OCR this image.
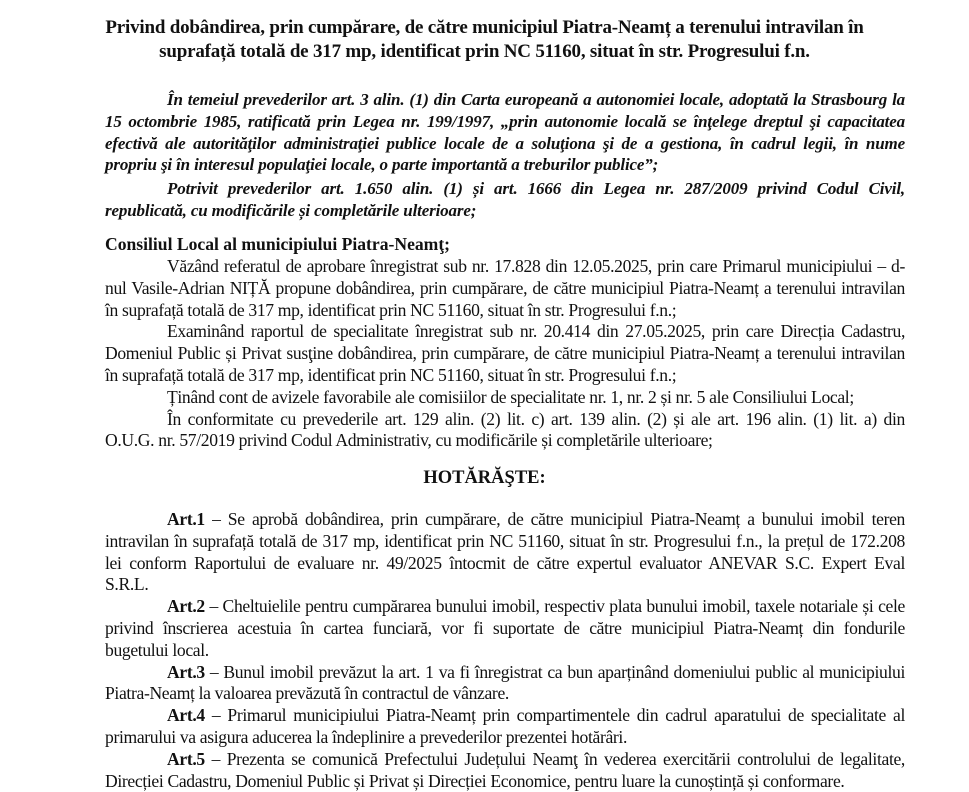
Privind dobândirea, prin cumpărare, de către municipiul Piatra-Neamț a terenului intravilan în
suprafață totală de 317 mp, identificat prin NC 51160, situat în str. Progresului f.n.
În temeiul prevederilor art. 3 alin. (1) din Carta europeană a autonomiei locale, adoptată la Strasbourg la
15 octombrie 1985, ratificată prin Legea nr. 199/1997, „prin autonomie locală se înţelege dreptul şi capacitatea
efectivă ale autorităţilor administraţiei publice locale de a soluţiona şi de a gestiona, în cadrul legii, în nume
propriu şi în interesul populaţiei locale, o parte importantă a treburilor publice”;
Potrivit prevederilor art. 1.650 alin. (1) și art. 1666 din Legea nr. 287/2009 privind Codul Civil,
republicată, cu modificările și completările ulterioare;
Consiliul Local al municipiului Piatra-Neamţ;
Văzând referatul de aprobare înregistrat sub nr. 17.828 din 12.05.2025, prin care Primarul municipiului – d-
nul Vasile-Adrian NIȚĂ propune dobândirea, prin cumpărare, de către municipiul Piatra-Neamț a terenului intravilan
în suprafață totală de 317 mp, identificat prin NC 51160, situat în str. Progresului f.n.;
Examinând raportul de specialitate înregistrat sub nr. 20.414 din 27.05.2025, prin care Direcția Cadastru,
Domeniul Public și Privat susţine dobândirea, prin cumpărare, de către municipiul Piatra-Neamț a terenului intravilan
în suprafață totală de 317 mp, identificat prin NC 51160, situat în str. Progresului f.n.;
Ținând cont de avizele favorabile ale comisiilor de specialitate nr. 1, nr. 2 și nr. 5 ale Consiliului Local;
În conformitate cu prevederile art. 129 alin. (2) lit. c) art. 139 alin. (2) și ale art. 196 alin. (1) lit. a) din
O.U.G. nr. 57/2019 privind Codul Administrativ, cu modificările și completările ulterioare;
HOTĂRĂŞTE:
Art.1 – Se aprobă dobândirea, prin cumpărare, de către municipiul Piatra-Neamț a bunului imobil teren
intravilan în suprafață totală de 317 mp, identificat prin NC 51160, situat în str. Progresului f.n., la prețul de 172.208
lei conform Raportului de evaluare nr. 49/2025 întocmit de către expertul evaluator ANEVAR S.C. Expert Eval
S.R.L.
Art.2 – Cheltuielile pentru cumpărarea bunului imobil, respectiv plata bunului imobil, taxele notariale și cele
privind înscrierea acestuia în cartea funciară, vor fi suportate de către municipiul Piatra-Neamț din fondurile
bugetului local.
Art.3 – Bunul imobil prevăzut la art. 1 va fi înregistrat ca bun aparținând domeniului public al municipiului
Piatra-Neamț la valoarea prevăzută în contractul de vânzare.
Art.4 – Primarul municipiului Piatra-Neamț prin compartimentele din cadrul aparatului de specialitate al
primarului va asigura aducerea la îndeplinire a prevederilor prezentei hotărâri.
Art.5 – Prezenta se comunică Prefectului Județului Neamţ în vederea exercitării controlului de legalitate,
Direcției Cadastru, Domeniul Public și Privat și Direcției Economice, pentru luare la cunoștință și conformare.
